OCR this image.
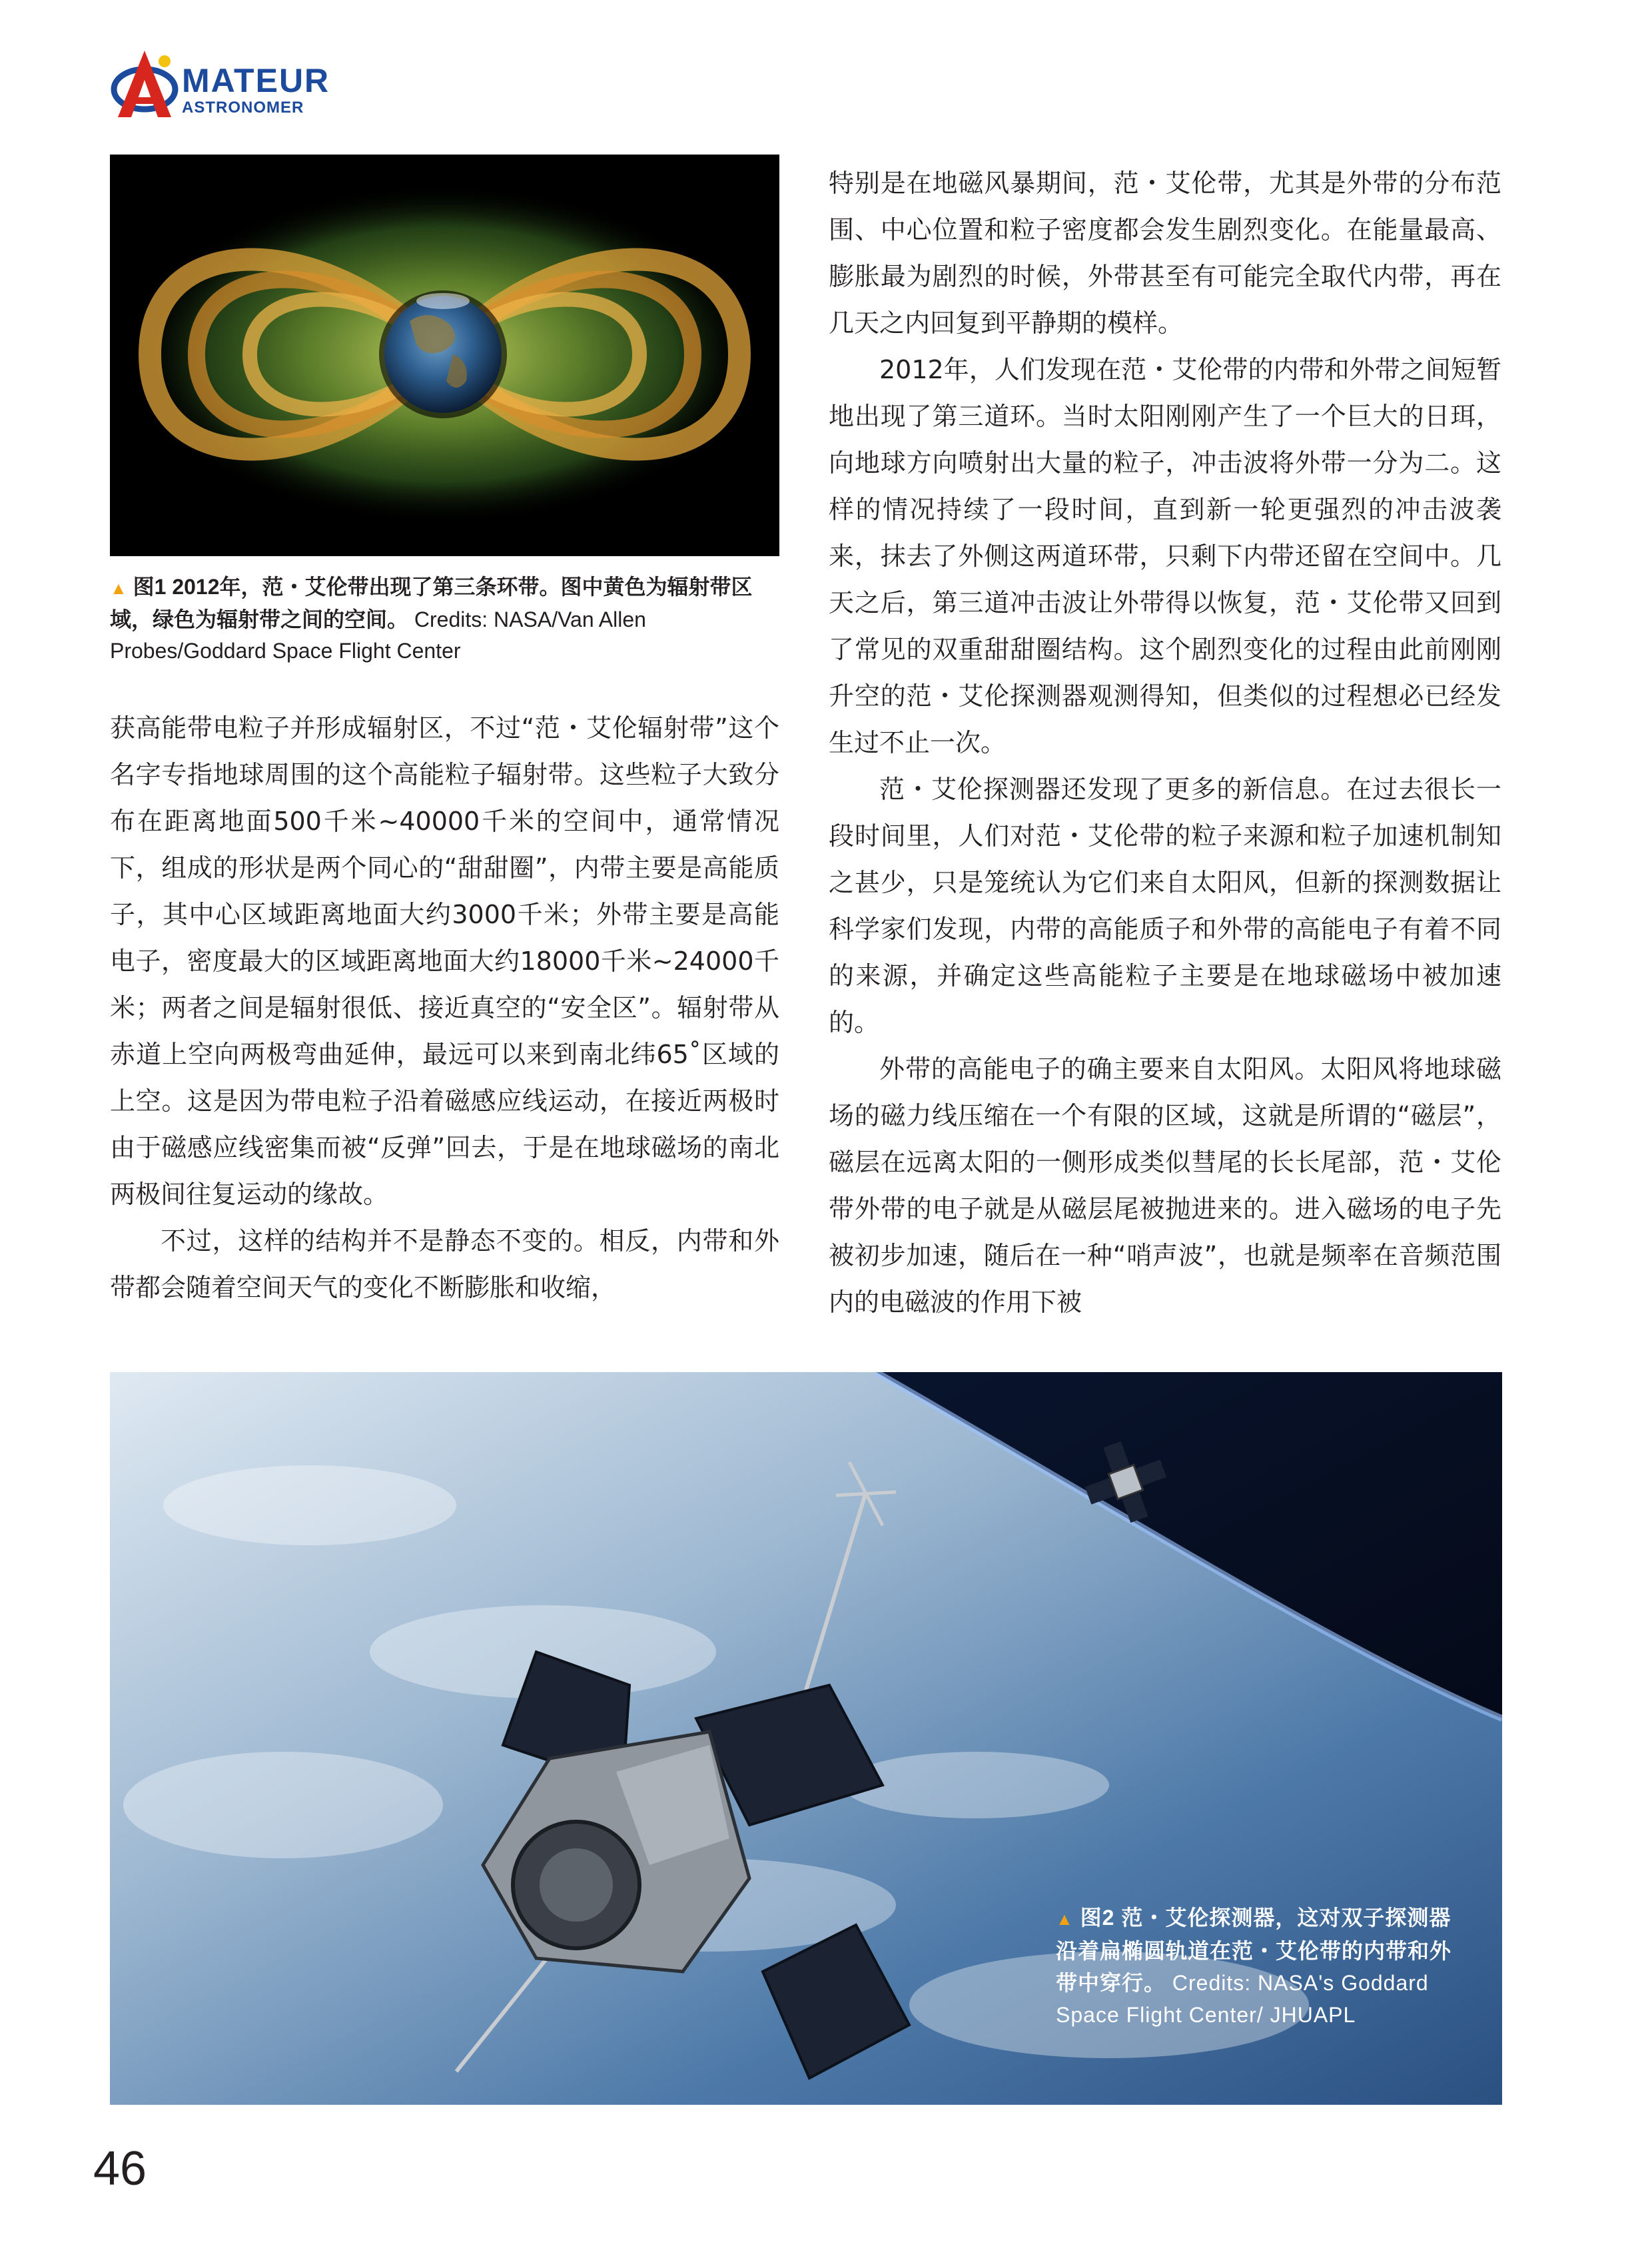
MATEUR
ASTRONOMER
▲ 图1 2012年，范・艾伦带出现了第三条环带。图中黄色为辐射带区域，绿色为辐射带之间的空间。 Credits: NASA/Van Allen Probes/Goddard Space Flight Center

获高能带电粒子并形成辐射区，不过“范・艾伦辐射带”这个名字专指地球周围的这个高能粒子辐射带。这些粒子大致分布在距离地面500千米~40000千米的空间中，通常情况下，组成的形状是两个同心的“甜甜圈”，内带主要是高能质子，其中心区域距离地面大约3000千米；外带主要是高能电子，密度最大的区域距离地面大约18000千米~24000千米；两者之间是辐射很低、接近真空的“安全区”。辐射带从赤道上空向两极弯曲延伸，最远可以来到南北纬65˚区域的上空。这是因为带电粒子沿着磁感应线运动，在接近两极时由于磁感应线密集而被“反弹”回去，于是在地球磁场的南北两极间往复运动的缘故。

不过，这样的结构并不是静态不变的。相反，内带和外带都会随着空间天气的变化不断膨胀和收缩，

特别是在地磁风暴期间，范・艾伦带，尤其是外带的分布范围、中心位置和粒子密度都会发生剧烈变化。在能量最高、膨胀最为剧烈的时候，外带甚至有可能完全取代内带，再在几天之内回复到平静期的模样。

2012年，人们发现在范・艾伦带的内带和外带之间短暂地出现了第三道环。当时太阳刚刚产生了一个巨大的日珥，向地球方向喷射出大量的粒子，冲击波将外带一分为二。这样的情况持续了一段时间，直到新一轮更强烈的冲击波袭来，抹去了外侧这两道环带，只剩下内带还留在空间中。几天之后，第三道冲击波让外带得以恢复，范・艾伦带又回到了常见的双重甜甜圈结构。这个剧烈变化的过程由此前刚刚升空的范・艾伦探测器观测得知，但类似的过程想必已经发生过不止一次。

范・艾伦探测器还发现了更多的新信息。在过去很长一段时间里，人们对范・艾伦带的粒子来源和粒子加速机制知之甚少，只是笼统认为它们来自太阳风，但新的探测数据让科学家们发现，内带的高能质子和外带的高能电子有着不同的来源，并确定这些高能粒子主要是在地球磁场中被加速的。

外带的高能电子的确主要来自太阳风。太阳风将地球磁场的磁力线压缩在一个有限的区域，这就是所谓的“磁层”，磁层在远离太阳的一侧形成类似彗尾的长长尾部，范・艾伦带外带的电子就是从磁层尾被抛进来的。进入磁场的电子先被初步加速，随后在一种“哨声波”，也就是频率在音频范围内的电磁波的作用下被

▲ 图2 范・艾伦探测器，这对双子探测器沿着扁椭圆轨道在范・艾伦带的内带和外带中穿行。 Credits: NASA's Goddard Space Flight Center/ JHUAPL
46
